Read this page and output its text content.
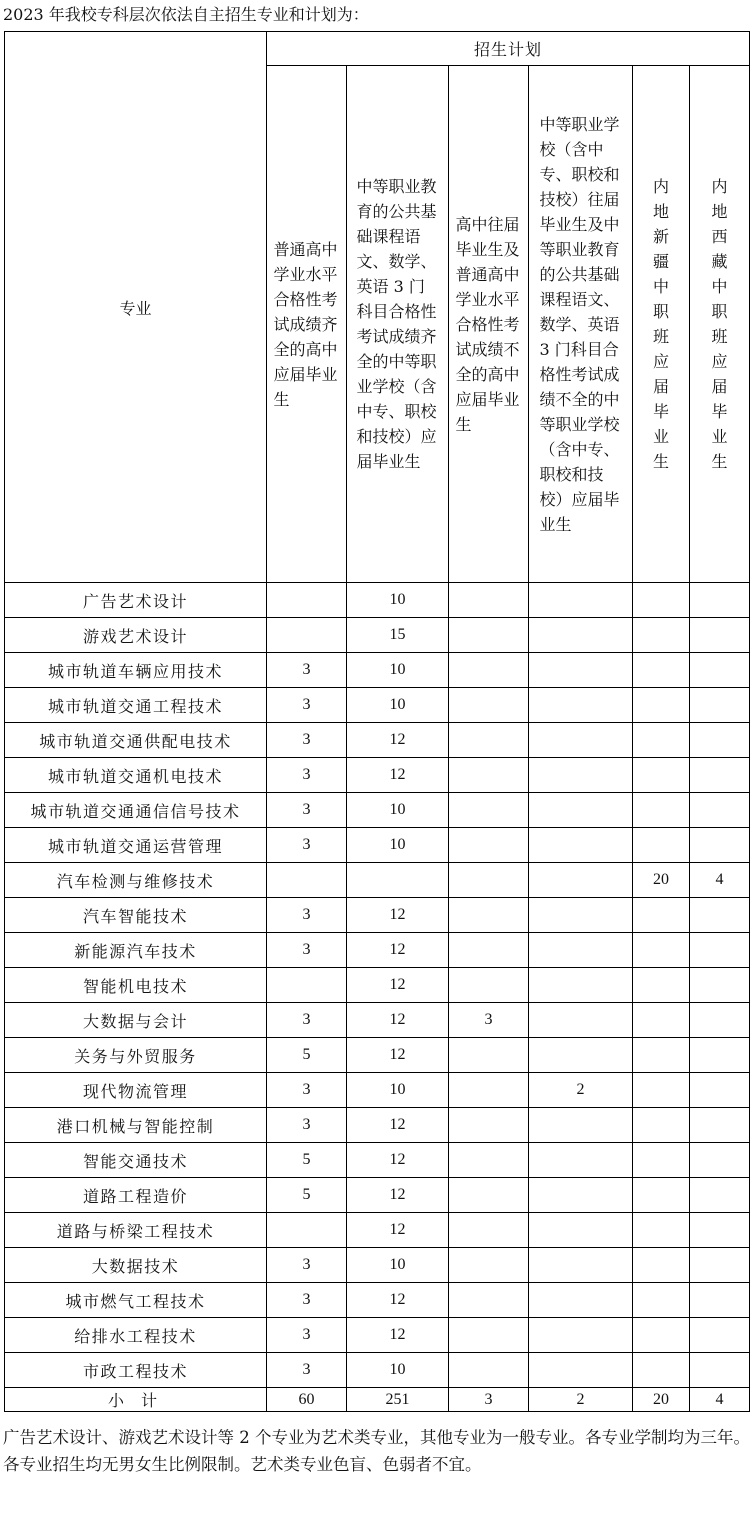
2023 年我校专科层次依法自主招生专业和计划为：
专业	招生计划					
	普通高中学业水平合格性考试成绩齐全的高中应届毕业生	中等职业教育的公共基础课程语文、数学、英语 3 门科目合格性考试成绩齐全的中等职业学校（含中专、职校和技校）应届毕业生	高中往届毕业生及普通高中学业水平合格性考试成绩不全的高中应届毕业生	中等职业学校（含中专、职校和技校）往届毕业生及中等职业教育的公共基础课程语文、数学、英语 3 门科目合格性考试成绩不全的中等职业学校（含中专、职校和技校）应届毕业生	内地新疆中职班应届毕业生	内地西藏中职班应届毕业生
广告艺术设计		10				
游戏艺术设计		15				
城市轨道车辆应用技术	3	10				
城市轨道交通工程技术	3	10				
城市轨道交通供配电技术	3	12				
城市轨道交通机电技术	3	12				
城市轨道交通通信信号技术	3	10				
城市轨道交通运营管理	3	10				
汽车检测与维修技术					20	4
汽车智能技术	3	12				
新能源汽车技术	3	12				
智能机电技术		12				
大数据与会计	3	12	3			
关务与外贸服务	5	12				
现代物流管理	3	10		2		
港口机械与智能控制	3	12				
智能交通技术	5	12				
道路工程造价	5	12				
道路与桥梁工程技术		12				
大数据技术	3	10				
城市燃气工程技术	3	12				
给排水工程技术	3	12				
市政工程技术	3	10				
小 计	60	251	3	2	20	4
广告艺术设计、游戏艺术设计等 2 个专业为艺术类专业，其他专业为一般专业。各专业学制均为三年。各专业招生均无男女生比例限制。艺术类专业色盲、色弱者不宜。
